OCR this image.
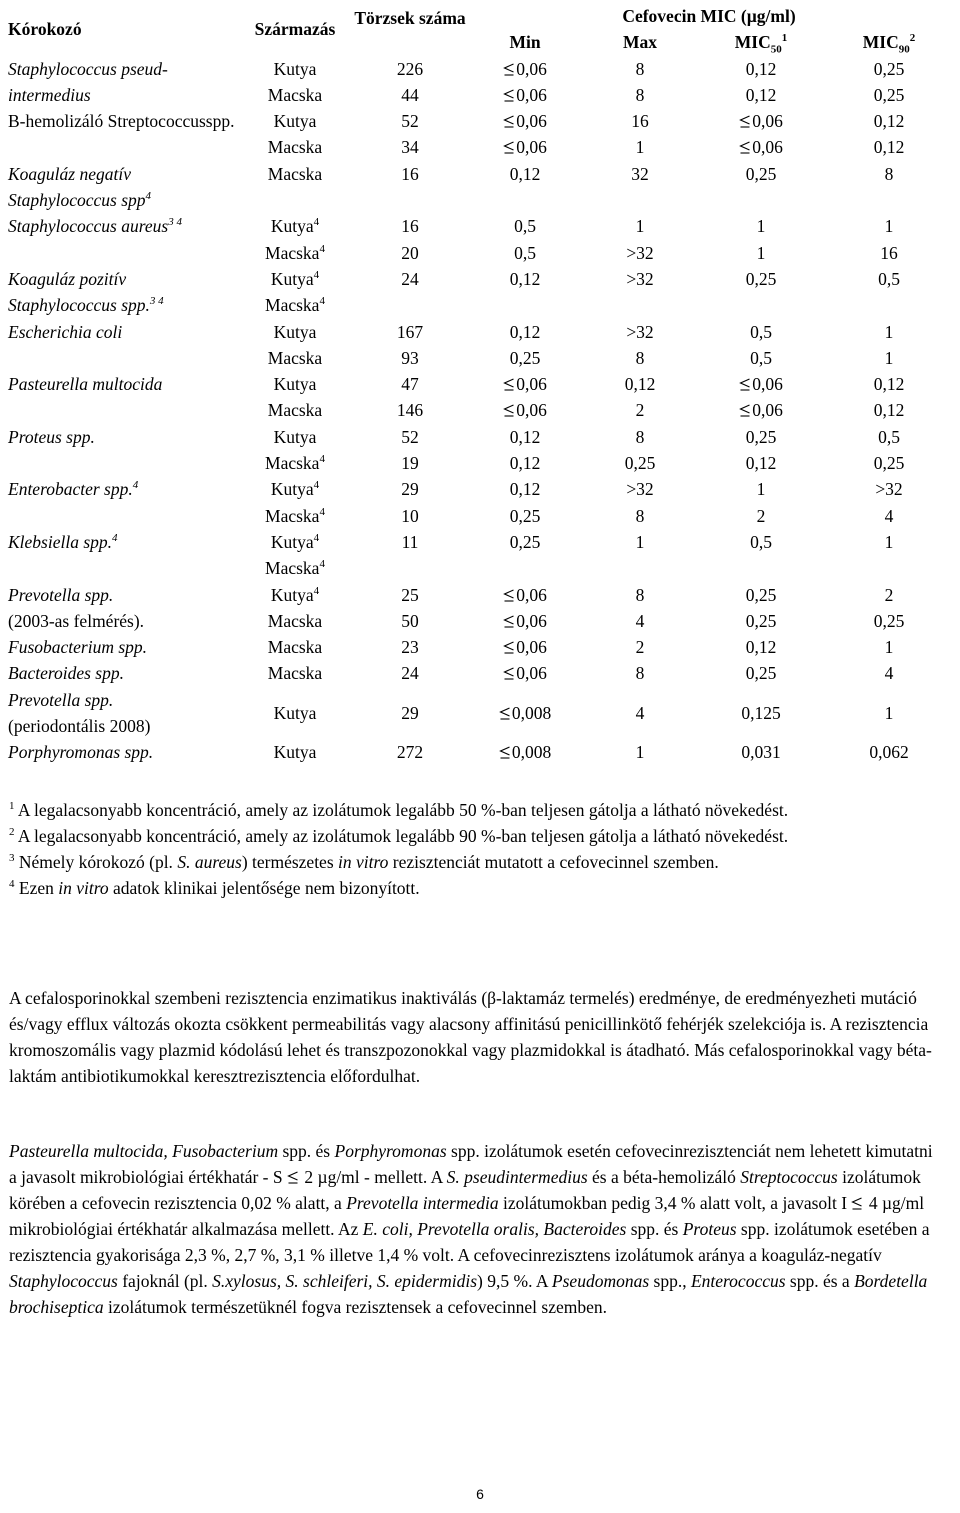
Kórokozó	Származás	Törzsek száma	Cefovecin MIC (µg/ml)			
			Min	Max	$MIC_{50}^1$	$MIC_{90}^2$
Staphylococcus pseud-intermedius	Kutya	226	0,06	8	0,12	0,25
	Macska	44	0,06	8	0,12	0,25
B-hemolizáló Streptococcusspp.	Kutya	52	0,06	16	0,06	0,12
	Macska	34	0,06	1	0,06	0,12
Koaguláz negatív Staphylococcus spp$^4$	Macska	16	0,12	32	0,25	8
Staphylococcus aureus$^{3 4}$	Kutya$^4$	16	0,5	1	1	1
	Macska$^4$	20	0,5	>32	1	16
Koaguláz pozitív Staphylococcus spp.$^{3 4}$	Kutya$^4$	24	0,12	>32	0,25	0,5
	Macska$^4$					
Escherichia coli	Kutya	167	0,12	>32	0,5	1
	Macska	93	0,25	8	0,5	1
Pasteurella multocida	Kutya	47	0,06	0,12	0,06	0,12
	Macska	146	0,06	2	0,06	0,12
Proteus spp.	Kutya	52	0,12	8	0,25	0,5
	Macska$^4$	19	0,12	0,25	0,12	0,25
Enterobacter spp.$^4$	Kutya$^4$	29	0,12	>32	1	>32
	Macska$^4$	10	0,25	8	2	4
Klebsiella spp.$^4$	Kutya$^4$	11	0,25	1	0,5	1
	Macska$^4$					
Prevotella spp.
(2003-as felmérés).	Kutya$^4$	25	0,06	8	0,25	2
	Macska	50	0,06	4	0,25	0,25
Fusobacterium spp.	Macska	23	0,06	2	0,12	1
Bacteroides spp.	Macska	24	0,06	8	0,25	4
Prevotella spp.
(periodontális 2008)	Kutya	29	0,008	4	0,125	1
Porphyromonas spp.	Kutya	272	0,008	1	0,031	0,062

$^1$ A legalacsonyabb koncentráció, amely az izolátumok legalább 50 %-ban teljesen gátolja a látható növekedést.

$^2$ A legalacsonyabb koncentráció, amely az izolátumok legalább 90 %-ban teljesen gátolja a látható növekedést.

$^3$ Némely kórokozó (pl. S. aureus) természetes in vitro rezisztenciát mutatott a cefovecinnel szemben.

$^4$ Ezen in vitro adatok klinikai jelentősége nem bizonyított.

A cefalosporinokkal szembeni rezisztencia enzimatikus inaktiválás (β-laktamáz termelés) eredménye, de eredményezheti mutáció és/vagy efflux változás okozta csökkent permeabilitás vagy alacsony affinitású penicillinkötő fehérjék szelekciója is. A rezisztencia kromoszomális vagy plazmid kódolású lehet és transzpozonokkal vagy plazmidokkal is átadható. Más cefalosporinokkal vagy béta-laktám antibiotikumokkal keresztrezisztencia előfordulhat.

Pasteurella multocida, Fusobacterium spp. és Porphyromonas spp. izolátumok esetén cefovecinrezisztenciát nem lehetett kimutatni a javasolt mikrobiológiai értékhatár - S
2 µg/ml - mellett. A S. pseudintermedius és a béta-hemolizáló Streptococcus izolátumok körében a cefovecin rezisztencia 0,02 % alatt, a Prevotella intermedia izolátumokban pedig 3,4 % alatt volt, a javasolt I
4 µg/ml mikrobiológiai értékhatár alkalmazása mellett. Az E. coli, Prevotella oralis, Bacteroides spp. és Proteus spp. izolátumok esetében a rezisztencia gyakorisága 2,3 %, 2,7 %, 3,1 % illetve 1,4 % volt. A cefovecinrezisztens izolátumok aránya a koaguláz-negatív Staphylococcus fajoknál (pl. S.xylosus, S. schleiferi, S. epidermidis) 9,5 %. A Pseudomonas spp., Enterococcus spp. és a Bordetella brochiseptica izolátumok természetüknél fogva rezisztensek a cefovecinnel szemben.

6
